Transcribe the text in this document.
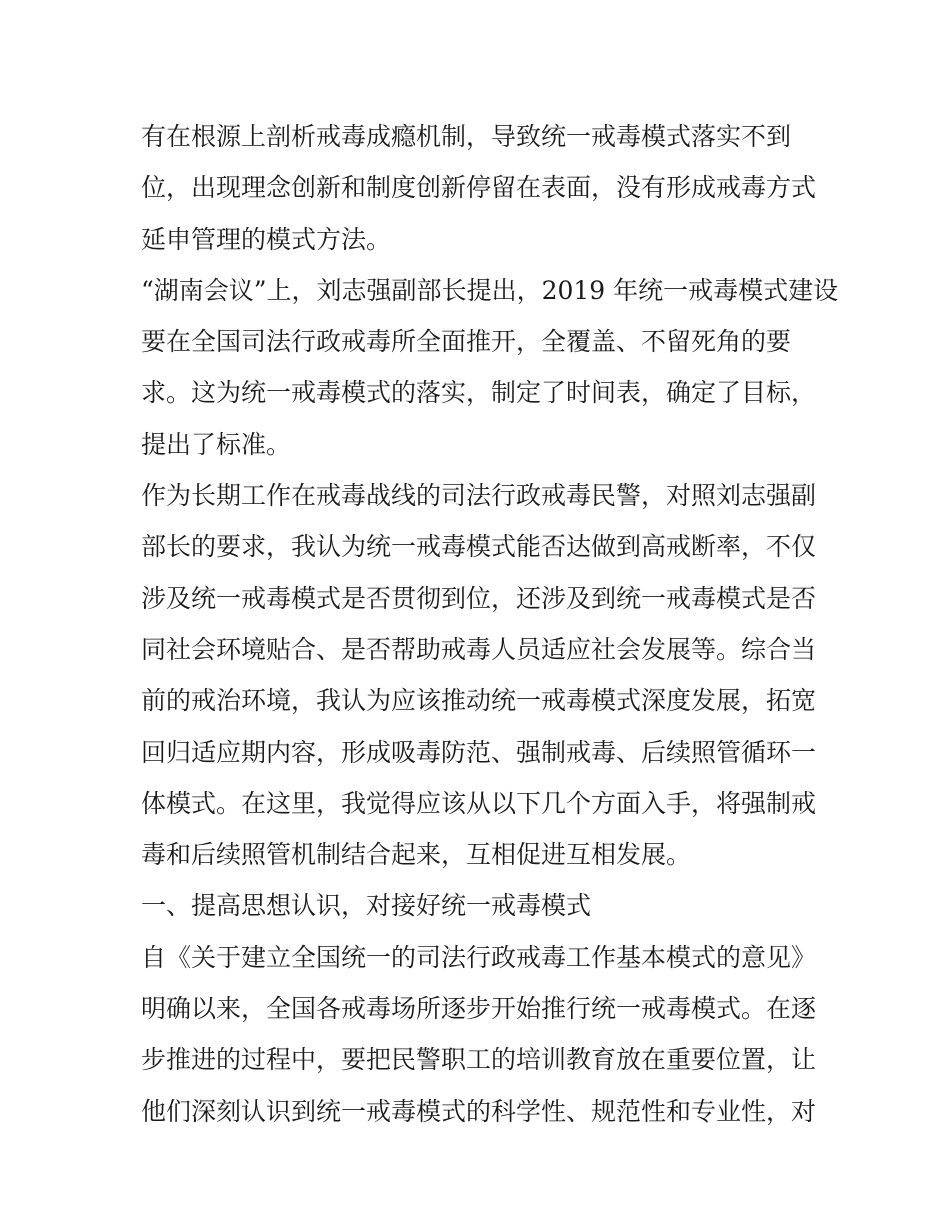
有在根源上剖析戒毒成瘾机制，导致统一戒毒模式落实不到
位，出现理念创新和制度创新停留在表面，没有形成戒毒方式
延申管理的模式方法。
“湖南会议”上，刘志强副部长提出，2019 年统一戒毒模式建设
要在全国司法行政戒毒所全面推开，全覆盖、不留死角的要
求。这为统一戒毒模式的落实，制定了时间表，确定了目标，
提出了标准。
作为长期工作在戒毒战线的司法行政戒毒民警，对照刘志强副
部长的要求，我认为统一戒毒模式能否达做到高戒断率，不仅
涉及统一戒毒模式是否贯彻到位，还涉及到统一戒毒模式是否
同社会环境贴合、是否帮助戒毒人员适应社会发展等。综合当
前的戒治环境，我认为应该推动统一戒毒模式深度发展，拓宽
回归适应期内容，形成吸毒防范、强制戒毒、后续照管循环一
体模式。在这里，我觉得应该从以下几个方面入手，将强制戒
毒和后续照管机制结合起来，互相促进互相发展。
一、提高思想认识，对接好统一戒毒模式
自《关于建立全国统一的司法行政戒毒工作基本模式的意见》
明确以来，全国各戒毒场所逐步开始推行统一戒毒模式。在逐
步推进的过程中，要把民警职工的培训教育放在重要位置，让
他们深刻认识到统一戒毒模式的科学性、规范性和专业性，对
